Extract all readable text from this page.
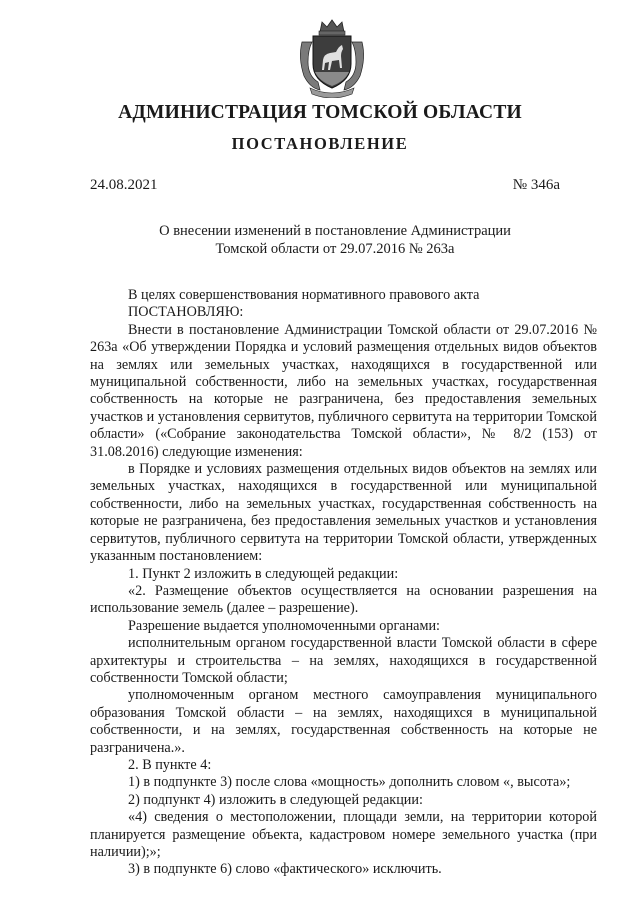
АДМИНИСТРАЦИЯ ТОМСКОЙ ОБЛАСТИ
ПОСТАНОВЛЕНИЕ
24.08.2021	№ 346а
О внесении изменений в постановление Администрации
Томской области от 29.07.2016 № 263а

В целях совершенствования нормативного правового акта

ПОСТАНОВЛЯЮ:

Внести в постановление Администрации Томской области от 29.07.2016 № 263а «Об утверждении Порядка и условий размещения отдельных видов объектов на землях или земельных участках, находящихся в государственной или муниципальной собственности, либо на земельных участках, государственная собственность на которые не разграничена, без предоставления земельных участков и установления сервитутов, публичного сервитута на территории Томской области» («Собрание законодательства Томской области», № 8/2 (153) от 31.08.2016) следующие изменения:

в Порядке и условиях размещения отдельных видов объектов на землях или земельных участках, находящихся в государственной или муниципальной собственности, либо на земельных участках, государственная собственность на которые не разграничена, без предоставления земельных участков и установления сервитутов, публичного сервитута на территории Томской области, утвержденных указанным постановлением:

1. Пункт 2 изложить в следующей редакции:

«2. Размещение объектов осуществляется на основании разрешения на использование земель (далее – разрешение).

Разрешение выдается уполномоченными органами:

исполнительным органом государственной власти Томской области в сфере архитектуры и строительства – на землях, находящихся в государственной собственности Томской области;

уполномоченным органом местного самоуправления муниципального образования Томской области – на землях, находящихся в муниципальной собственности, и на землях, государственная собственность на которые не разграничена.».

2. В пункте 4:

1) в подпункте 3) после слова «мощность» дополнить словом «, высота»;

2) подпункт 4) изложить в следующей редакции:

«4) сведения о местоположении, площади земли, на территории которой планируется размещение объекта, кадастровом номере земельного участка (при наличии);»;

3) в подпункте 6) слово «фактического» исключить.
